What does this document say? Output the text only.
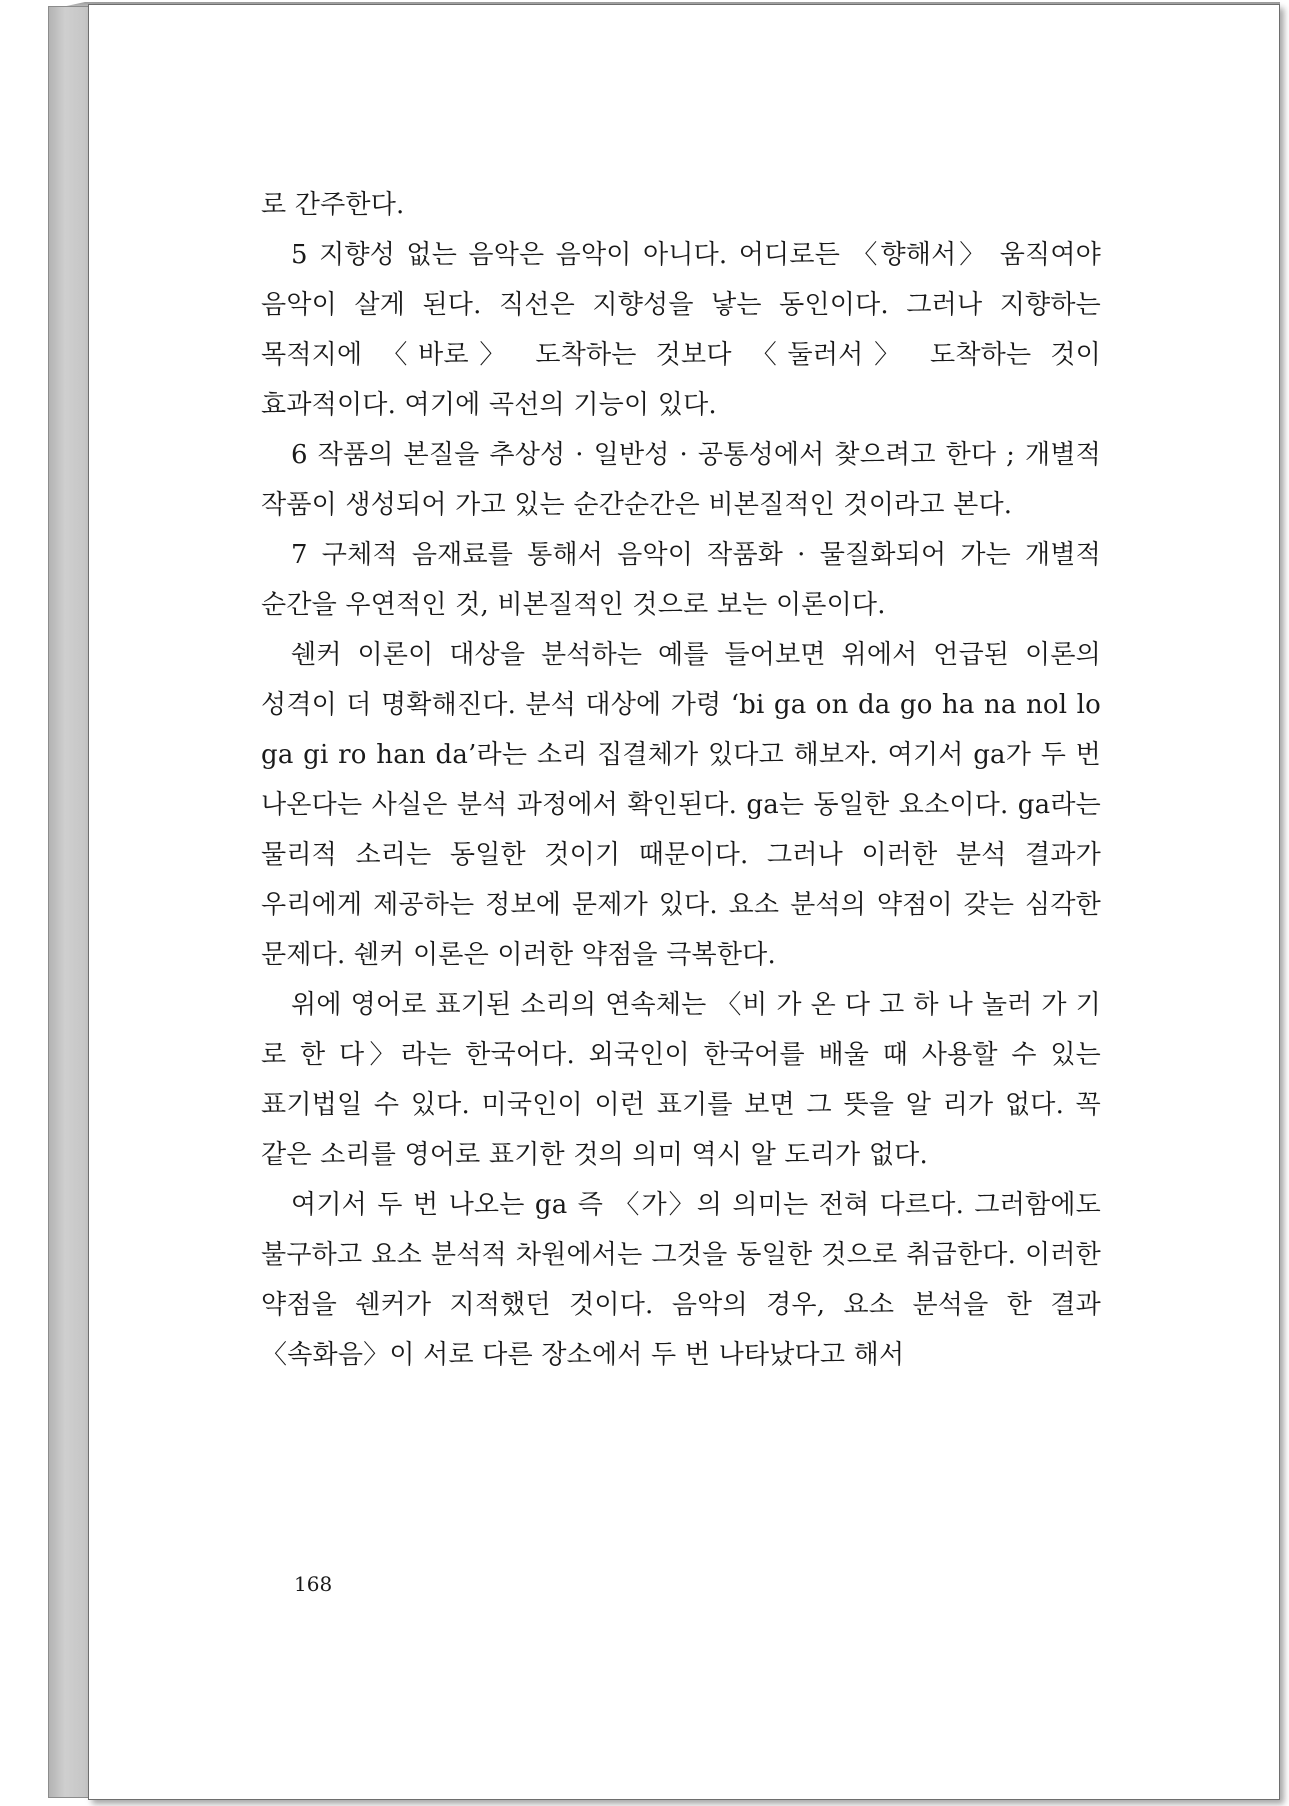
로 간주한다.

5 지향성 없는 음악은 음악이 아니다. 어디로든 〈향해서〉 움직여야 음악이 살게 된다. 직선은 지향성을 낳는 동인이다. 그러나 지향하는 목적지에 〈바로〉 도착하는 것보다 〈둘러서〉 도착하는 것이 효과적이다. 여기에 곡선의 기능이 있다.

6 작품의 본질을 추상성 · 일반성 · 공통성에서 찾으려고 한다 ; 개별적 작품이 생성되어 가고 있는 순간순간은 비본질적인 것이라고 본다.

7 구체적 음재료를 통해서 음악이 작품화 · 물질화되어 가는 개별적 순간을 우연적인 것, 비본질적인 것으로 보는 이론이다.

쉔커 이론이 대상을 분석하는 예를 들어보면 위에서 언급된 이론의 성격이 더 명확해진다. 분석 대상에 가령 ‘bi ga on da go ha na nol lo ga gi ro han da’라는 소리 집결체가 있다고 해보자. 여기서 ga가 두 번 나온다는 사실은 분석 과정에서 확인된다. ga는 동일한 요소이다. ga라는 물리적 소리는 동일한 것이기 때문이다. 그러나 이러한 분석 결과가 우리에게 제공하는 정보에 문제가 있다. 요소 분석의 약점이 갖는 심각한 문제다. 쉔커 이론은 이러한 약점을 극복한다.

위에 영어로 표기된 소리의 연속체는 〈비 가 온 다 고 하 나 놀러 가 기 로 한 다〉라는 한국어다. 외국인이 한국어를 배울 때 사용할 수 있는 표기법일 수 있다. 미국인이 이런 표기를 보면 그 뜻을 알 리가 없다. 꼭 같은 소리를 영어로 표기한 것의 의미 역시 알 도리가 없다.

여기서 두 번 나오는 ga 즉 〈가〉의 의미는 전혀 다르다. 그러함에도 불구하고 요소 분석적 차원에서는 그것을 동일한 것으로 취급한다. 이러한 약점을 쉔커가 지적했던 것이다. 음악의 경우, 요소 분석을 한 결과 〈속화음〉이 서로 다른 장소에서 두 번 나타났다고 해서

168
